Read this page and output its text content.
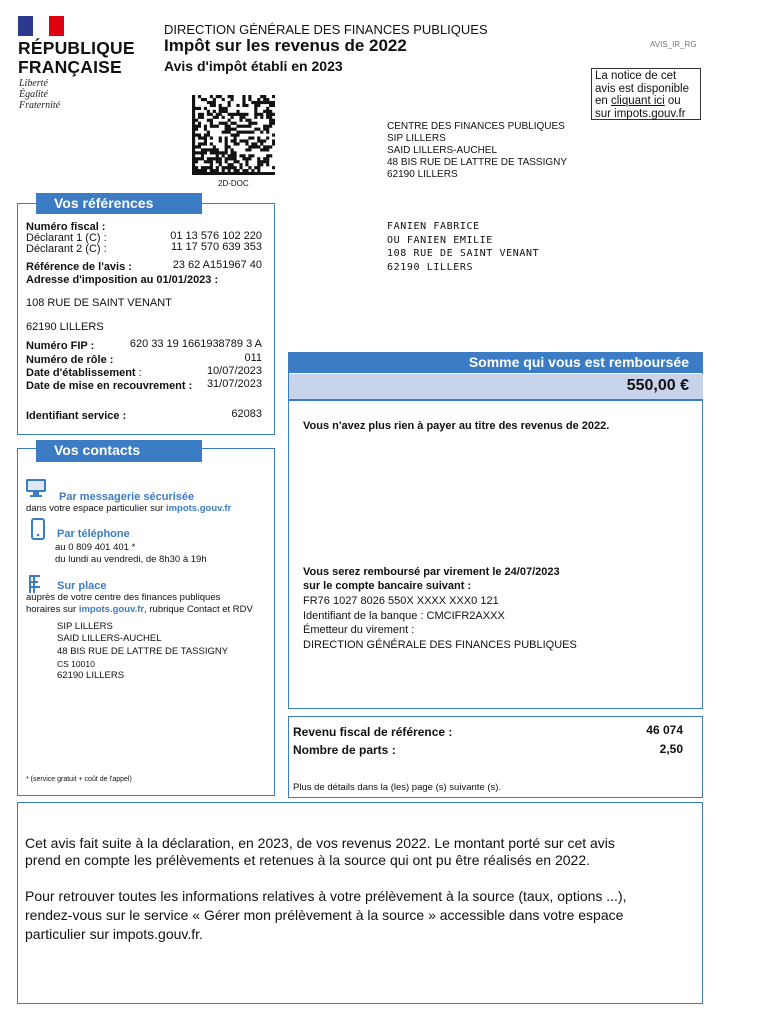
RÉPUBLIQUE
FRANÇAISE
Liberté
Égalité
Fraternité
DIRECTION GÉNÉRALE DES FINANCES PUBLIQUES
Impôt sur les revenus de 2022
Avis d'impôt établi en 2023
AVIS_IR_RG
La notice de cet
avis est disponible
en cliquant ici ou
sur impots.gouv.fr
2D-DOC
CENTRE DES FINANCES PUBLIQUES
SIP LILLERS
SAID LILLERS-AUCHEL
48 BIS RUE DE LATTRE DE TASSIGNY
62190 LILLERS
FANIEN FABRICE
OU FANIEN EMILIE
108 RUE DE SAINT VENANT
62190 LILLERS
Vos références
Numéro fiscal :
Déclarant 1 (C) :	01 13 576 102 220
Déclarant 2 (C) :	11 17 570 639 353
Référence de l'avis :	23 62 A151967 40
Adresse d'imposition au 01/01/2023 :
108 RUE DE SAINT VENANT
62190 LILLERS
Numéro FIP :	620 33 19 1661938789 3 A
Numéro de rôle :	011
Date d'établissement :	10/07/2023
Date de mise en recouvrement :	31/07/2023
Identifiant service :	62083
Vos contacts
Par messagerie sécurisée
dans votre espace particulier sur impots.gouv.fr
Par téléphone
au 0 809 401 401 *
du lundi au vendredi, de 8h30 à 19h
Sur place
auprès de votre centre des finances publiques
horaires sur impots.gouv.fr, rubrique Contact et RDV
SIP LILLERS
SAID LILLERS-AUCHEL
48 BIS RUE DE LATTRE DE TASSIGNY
CS 10010
62190 LILLERS
* (service gratuit + coût de l'appel)
Somme qui vous est remboursée
550,00 €
Vous n'avez plus rien à payer au titre des revenus de 2022.
Vous serez remboursé par virement le 24/07/2023
sur le compte bancaire suivant :
FR76 1027 8026 550X XXXX XXX0 121
Identifiant de la banque : CMCIFR2AXXX
Émetteur du virement :
DIRECTION GÉNÉRALE DES FINANCES PUBLIQUES
Revenu fiscal de référence :	46 074
Nombre de parts :	2,50
Plus de détails dans la (les) page (s) suivante (s).
Cet avis fait suite à la déclaration, en 2023, de vos revenus 2022. Le montant porté sur cet avis
prend en compte les prélèvements et retenues à la source qui ont pu être réalisés en 2022.
Pour retrouver toutes les informations relatives à votre prélèvement à la source (taux, options ...),
rendez-vous sur le service « Gérer mon prélèvement à la source » accessible dans votre espace
particulier sur impots.gouv.fr.
